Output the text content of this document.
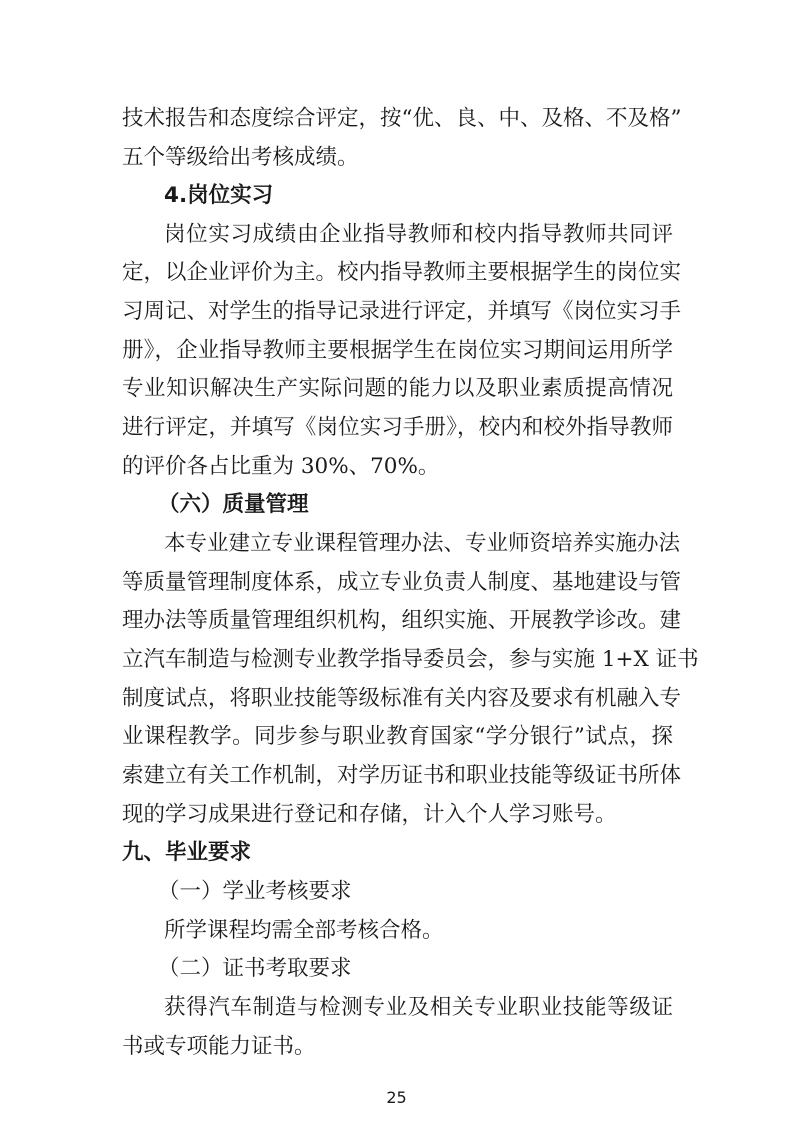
技术报告和态度综合评定，按“优、良、中、及格、不及格”
五个等级给出考核成绩。
4.岗位实习
岗位实习成绩由企业指导教师和校内指导教师共同评
定，以企业评价为主。校内指导教师主要根据学生的岗位实
习周记、对学生的指导记录进行评定，并填写《岗位实习手
册》，企业指导教师主要根据学生在岗位实习期间运用所学
专业知识解决生产实际问题的能力以及职业素质提高情况
进行评定，并填写《岗位实习手册》，校内和校外指导教师
的评价各占比重为 30%、70%。
（六）质量管理
本专业建立专业课程管理办法、专业师资培养实施办法
等质量管理制度体系，成立专业负责人制度、基地建设与管
理办法等质量管理组织机构，组织实施、开展教学诊改。建
立汽车制造与检测专业教学指导委员会，参与实施 1+X 证书
制度试点，将职业技能等级标准有关内容及要求有机融入专
业课程教学。同步参与职业教育国家“学分银行”试点，探
索建立有关工作机制，对学历证书和职业技能等级证书所体
现的学习成果进行登记和存储，计入个人学习账号。
九、毕业要求
（一）学业考核要求
所学课程均需全部考核合格。
（二）证书考取要求
获得汽车制造与检测专业及相关专业职业技能等级证
书或专项能力证书。
25
